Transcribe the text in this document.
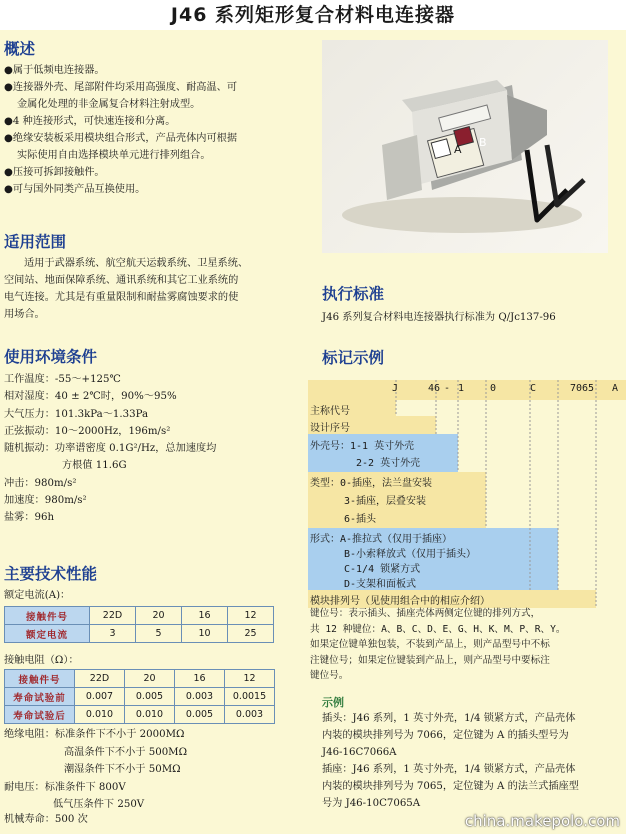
J46 系列矩形复合材料电连接器
概述
●属于低频电连接器。
●连接器外壳、尾部附件均采用高强度、耐高温、可
金属化处理的非金属复合材料注射成型。
●4 种连接形式，可快速连接和分离。
●绝缘安装板采用模块组合形式，产品壳体内可根据
实际使用自由选择模块单元进行排列组合。
●压接可拆卸接触件。
●可与国外同类产品互换使用。
A
B
适用范围
适用于武器系统、航空航天运载系统、卫星系统、
空间站、地面保障系统、通讯系统和其它工业系统的
电气连接。尤其是有重量限制和耐盐雾腐蚀要求的使
用场合。
使用环境条件
工作温度：-55～+125℃
相对湿度：40 ± 2℃时，90%～95%
大气压力：101.3kPa～1.33Pa
正弦振动：10～2000Hz，196m/s²
随机振动：功率谱密度 0.1G²/Hz，总加速度均
方根值 11.6G
冲击：980m/s²
加速度：980m/s²
盐雾：96h
主要技术性能
额定电流(A)：
接触件号	22D	20	16	12
额定电流	3	5	10	25
接触电阻（Ω）：
接触件号	22D	20	16	12
寿命试验前	0.007	0.005	0.003	0.0015
寿命试验后	0.010	0.010	0.005	0.003
绝缘电阻：标准条件下不小于 2000MΩ
高温条件下不小于 500MΩ
潮湿条件下不小于 50MΩ
耐电压：标准条件下 800V
低气压条件下 250V
机械寿命：500 次
执行标准
J46 系列复合材料电连接器执行标准为 Q/Jc137-96
标记示例
J	46 - 1	0	C	7065 A
主称代号
设计序号
外壳号：1-1 英寸外壳
2-2 英寸外壳
类型：0-插座，法兰盘安装
3-插座，层叠安装
6-插头
形式：A-推拉式（仅用于插座）
B-小索释放式（仅用于插头）
C-1/4 锁紧方式
D-支架和面板式
模块排列号（见使用组合中的相应介绍）
键位号：表示插头、插座壳体两侧定位键的排列方式，
共 12 种键位：A、B、C、D、E、G、H、K、M、P、R、Y。
如果定位键单独包装，不装到产品上，则产品型号中不标
注键位号；如果定位键装到产品上，则产品型号中要标注
键位号。
示例
插头：J46 系列，1 英寸外壳，1/4 锁紧方式，产品壳体
内装的模块排列号为 7066，定位键为 A 的插头型号为
J46-16C7066A
插座：J46 系列，1 英寸外壳，1/4 锁紧方式，产品壳体
内装的模块排列号为 7065，定位键为 A 的法兰式插座型
号为 J46-10C7065A
china.makepolo.com
